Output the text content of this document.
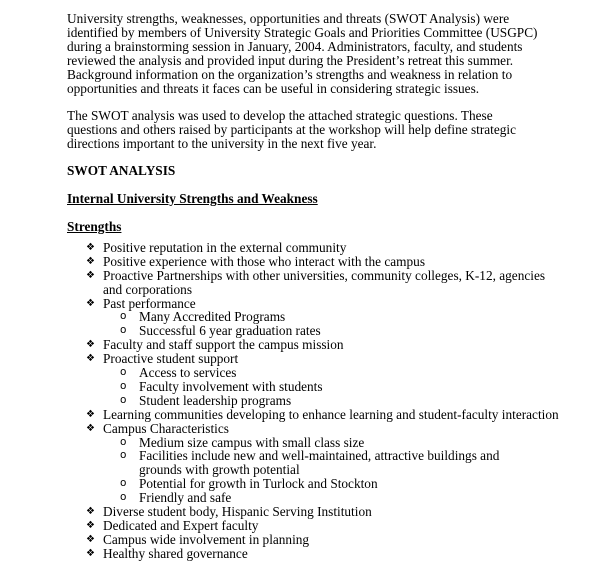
University strengths, weaknesses, opportunities and threats (SWOT Analysis) were identified by members of University Strategic Goals and Priorities Committee (USGPC) during a brainstorming session in January, 2004. Administrators, faculty, and students reviewed the analysis and provided input during the President’s retreat this summer. Background information on the organization’s strengths and weakness in relation to opportunities and threats it faces can be useful in considering strategic issues.

The SWOT analysis was used to develop the attached strategic questions. These questions and others raised by participants at the workshop will help define strategic directions important to the university in the next five year.

SWOT ANALYSIS

Internal University Strengths and Weakness

Strengths

❖ Positive reputation in the external community
❖ Positive experience with those who interact with the campus
❖ Proactive Partnerships with other universities, community colleges, K-12, agencies and corporations
❖ Past performance
o Many Accredited Programs
o Successful 6 year graduation rates
❖ Faculty and staff support the campus mission
❖ Proactive student support
o Access to services
o Faculty involvement with students
o Student leadership programs
❖ Learning communities developing to enhance learning and student-faculty interaction
❖ Campus Characteristics
o Medium size campus with small class size
o Facilities include new and well-maintained, attractive buildings and grounds with growth potential
o Potential for growth in Turlock and Stockton
o Friendly and safe
❖ Diverse student body, Hispanic Serving Institution
❖ Dedicated and Expert faculty
❖ Campus wide involvement in planning
❖ Healthy shared governance
